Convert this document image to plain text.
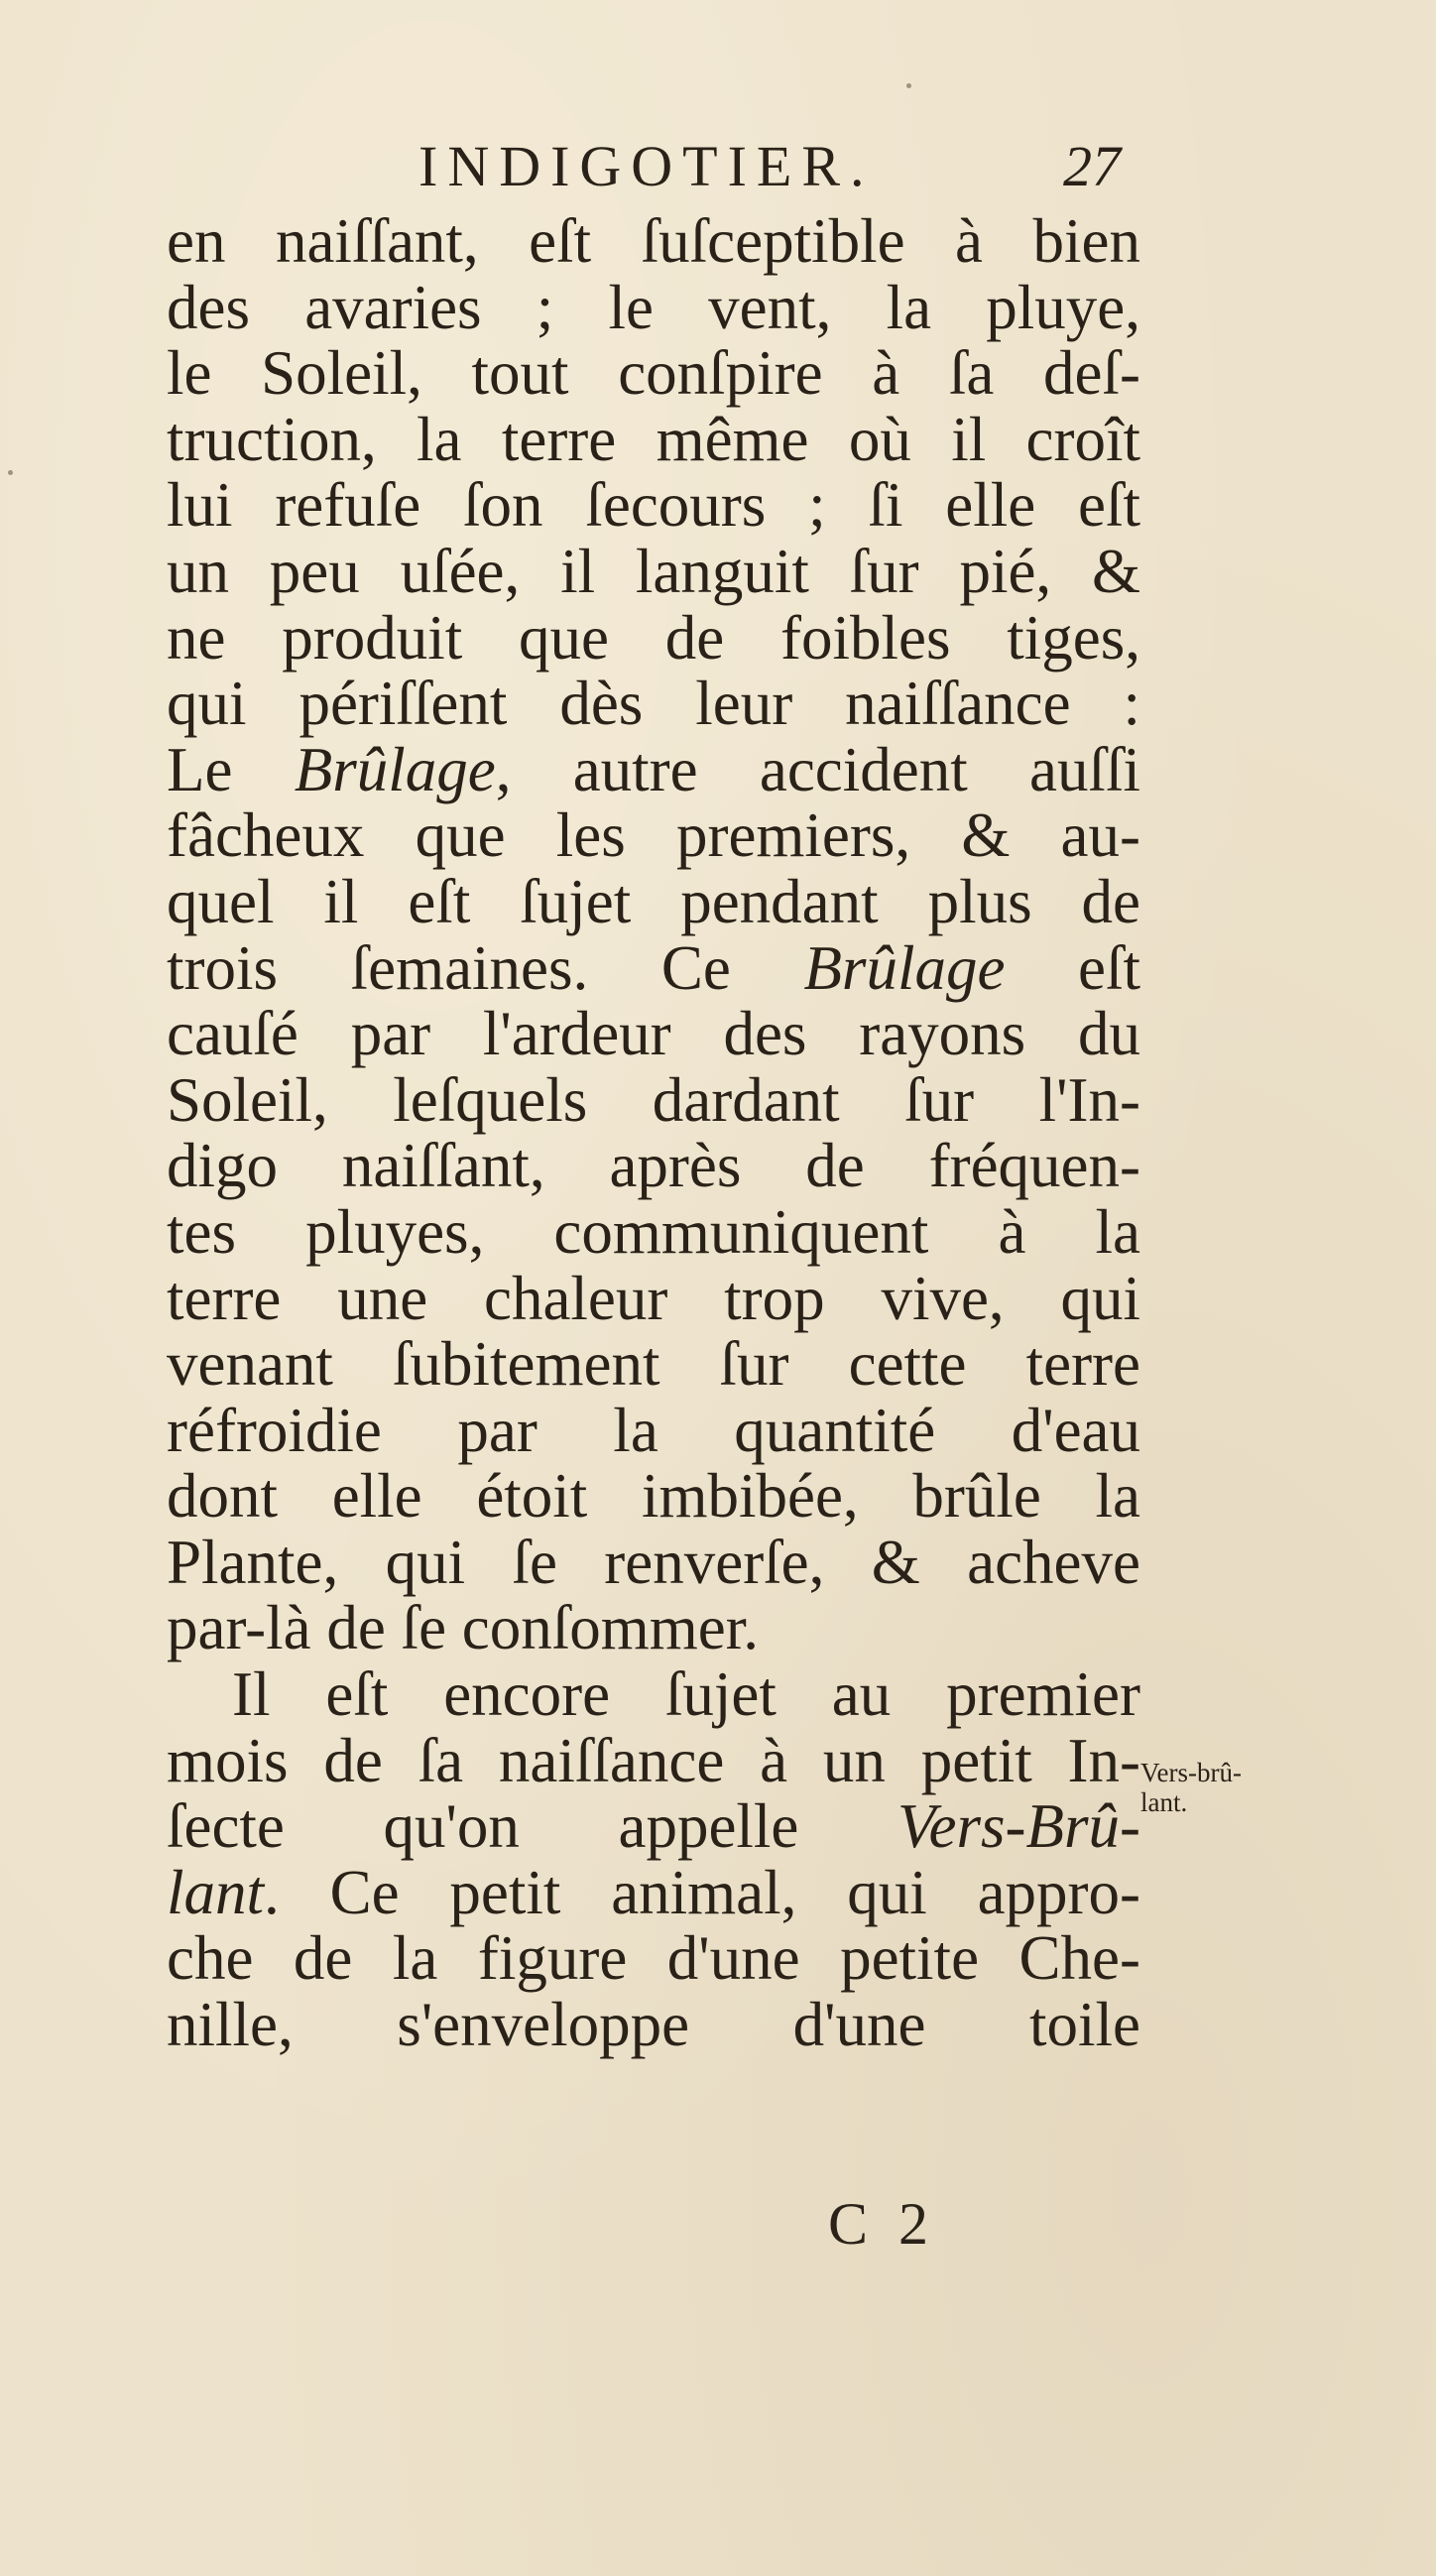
INDIGOTIER.	27
en naiſſant, eſt ſuſceptible à bien
des avaries ; le vent, la pluye,
le Soleil, tout conſpire à ſa deſ-
truction, la terre même où il croît
lui refuſe ſon ſecours ; ſi elle eſt
un peu uſée, il languit ſur pié, &
ne produit que de foibles tiges,
qui périſſent dès leur naiſſance :
Le Brûlage, autre accident auſſi
fâcheux que les premiers, & au-
quel il eſt ſujet pendant plus de
trois ſemaines. Ce Brûlage eſt
cauſé par l'ardeur des rayons du
Soleil, leſquels dardant ſur l'In-
digo naiſſant, après de fréquen-
tes pluyes, communiquent à la
terre une chaleur trop vive, qui
venant ſubitement ſur cette terre
réfroidie par la quantité d'eau
dont elle étoit imbibée, brûle la
Plante, qui ſe renverſe, & acheve
par-là de ſe conſommer.
Il eſt encore ſujet au premier
mois de ſa naiſſance à un petit In-
ſecte qu'on appelle Vers-Brû-
lant. Ce petit animal, qui appro-
che de la figure d'une petite Che-
nille, s'enveloppe d'une toile
Vers-brû-
lant.
C 2
